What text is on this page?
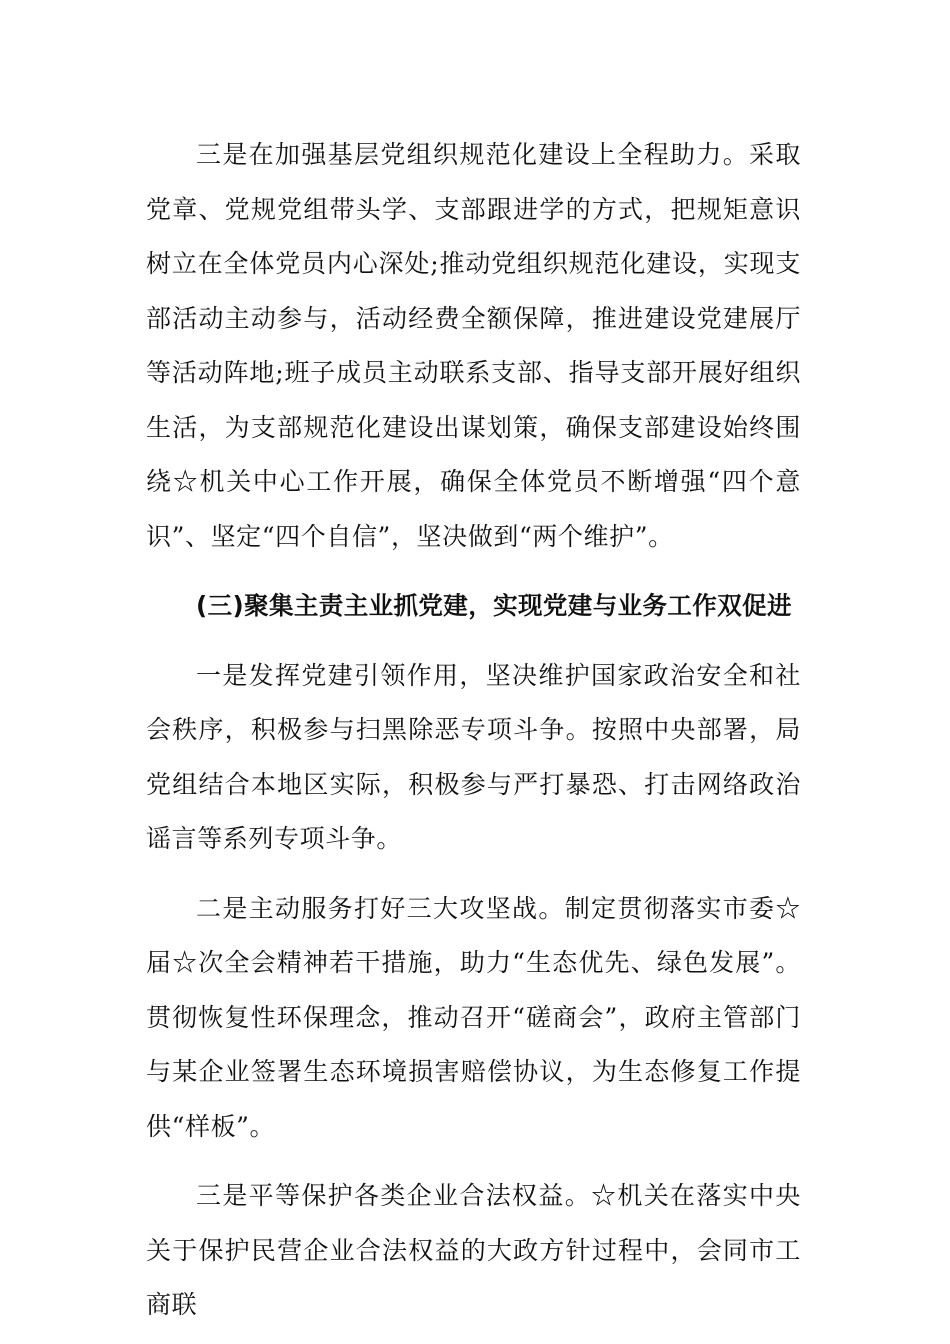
三是在加强基层党组织规范化建设上全程助力。采取党章、党规党组带头学、支部跟进学的方式，把规矩意识树立在全体党员内心深处;推动党组织规范化建设，实现支部活动主动参与，活动经费全额保障，推进建设党建展厅等活动阵地;班子成员主动联系支部、指导支部开展好组织生活，为支部规范化建设出谋划策，确保支部建设始终围绕☆机关中心工作开展，确保全体党员不断增强“四个意识”、坚定“四个自信”，坚决做到“两个维护”。

(三)聚集主责主业抓党建，实现党建与业务工作双促进

一是发挥党建引领作用，坚决维护国家政治安全和社会秩序，积极参与扫黑除恶专项斗争。按照中央部署，局党组结合本地区实际，积极参与严打暴恐、打击网络政治谣言等系列专项斗争。

二是主动服务打好三大攻坚战。制定贯彻落实市委☆届☆次全会精神若干措施，助力“生态优先、绿色发展”。贯彻恢复性环保理念，推动召开“磋商会”，政府主管部门与某企业签署生态环境损害赔偿协议，为生态修复工作提供“样板”。

三是平等保护各类企业合法权益。☆机关在落实中央关于保护民营企业合法权益的大政方针过程中，会同市工商联
